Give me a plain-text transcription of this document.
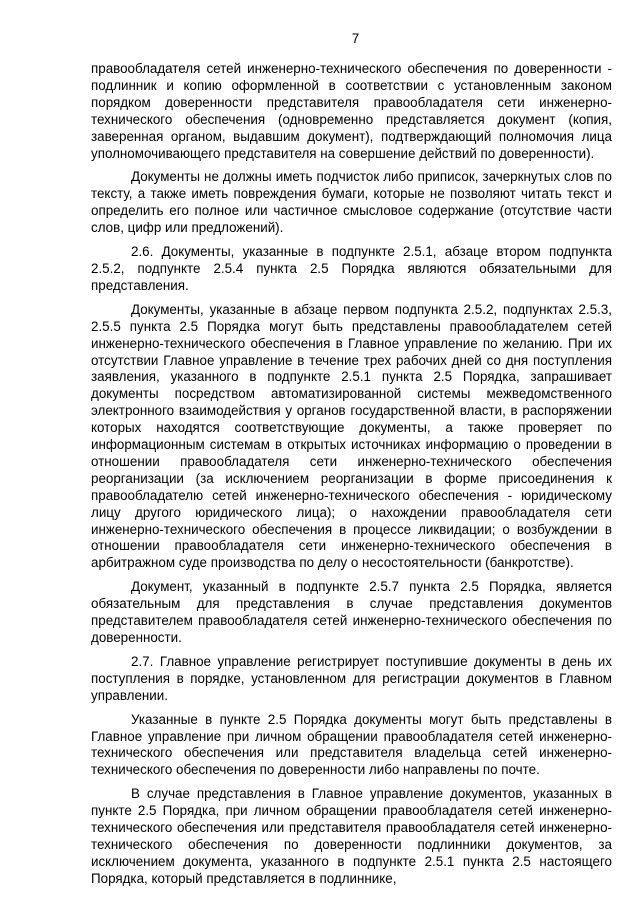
7

правообладателя сетей инженерно-технического обеспечения по доверенности - подлинник и копию оформленной в соответствии с установленным законом порядком доверенности представителя правообладателя сети инженерно-технического обеспечения (одновременно представляется документ (копия, заверенная органом, выдавшим документ), подтверждающий полномочия лица уполномочивающего представителя на совершение действий по доверенности).

Документы не должны иметь подчисток либо приписок, зачеркнутых слов по тексту, а также иметь повреждения бумаги, которые не позволяют читать текст и определить его полное или частичное смысловое содержание (отсутствие части слов, цифр или предложений).

2.6. Документы, указанные в подпункте 2.5.1, абзаце втором подпункта 2.5.2, подпункте 2.5.4 пункта 2.5 Порядка являются обязательными для представления.

Документы, указанные в абзаце первом подпункта 2.5.2, подпунктах 2.5.3, 2.5.5 пункта 2.5 Порядка могут быть представлены правообладателем сетей инженерно-технического обеспечения в Главное управление по желанию. При их отсутствии Главное управление в течение трех рабочих дней со дня поступления заявления, указанного в подпункте 2.5.1 пункта 2.5 Порядка, запрашивает документы посредством автоматизированной системы межведомственного электронного взаимодействия у органов государственной власти, в распоряжении которых находятся соответствующие документы, а также проверяет по информационным системам в открытых источниках информацию о проведении в отношении правообладателя сети инженерно-технического обеспечения реорганизации (за исключением реорганизации в форме присоединения к правообладателю сетей инженерно-технического обеспечения - юридическому лицу другого юридического лица); о нахождении правообладателя сети инженерно-технического обеспечения в процессе ликвидации; о возбуждении в отношении правообладателя сети инженерно-технического обеспечения в арбитражном суде производства по делу о несостоятельности (банкротстве).

Документ, указанный в подпункте 2.5.7 пункта 2.5 Порядка, является обязательным для представления в случае представления документов представителем правообладателя сетей инженерно-технического обеспечения по доверенности.

2.7. Главное управление регистрирует поступившие документы в день их поступления в порядке, установленном для регистрации документов в Главном управлении.

Указанные в пункте 2.5 Порядка документы могут быть представлены в Главное управление при личном обращении правообладателя сетей инженерно-технического обеспечения или представителя владельца сетей инженерно-технического обеспечения по доверенности либо направлены по почте.

В случае представления в Главное управление документов, указанных в пункте 2.5 Порядка, при личном обращении правообладателя сетей инженерно-технического обеспечения или представителя правообладателя сетей инженерно-технического обеспечения по доверенности подлинники документов, за исключением документа, указанного в подпункте 2.5.1 пункта 2.5 настоящего Порядка, который представляется в подлиннике,
